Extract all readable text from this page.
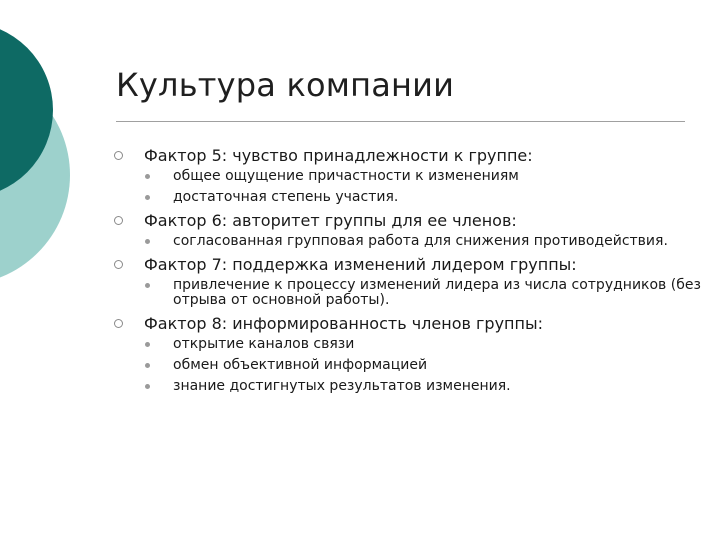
Культура компании
Фактор 5: чувство принадлежности к группе:
общее ощущение причастности к изменениям
достаточная степень участия.
Фактор 6: авторитет группы для ее членов:
согласованная групповая работа для снижения противодействия.
Фактор 7: поддержка изменений лидером группы:
привлечение к процессу изменений лидера из числа сотрудников (без отрыва от основной работы).
Фактор 8: информированность членов группы:
открытие каналов связи
обмен объективной информацией
знание достигнутых результатов изменения.
